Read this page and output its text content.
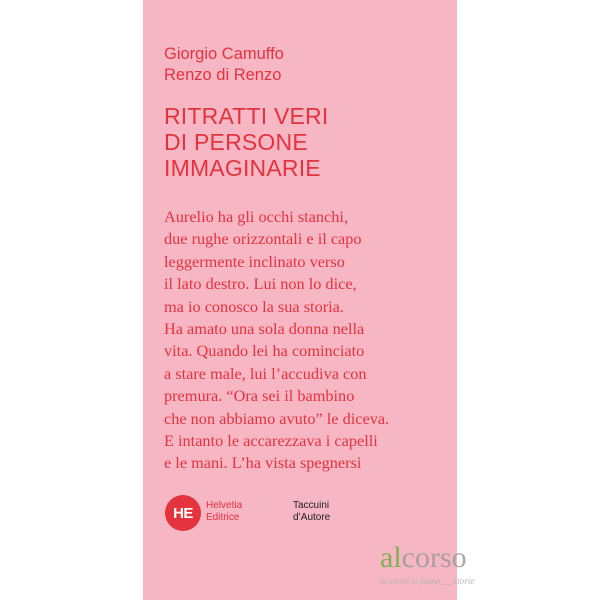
Giorgio Camuffo
Renzo di Renzo
RITRATTI VERI
DI PERSONE
IMMAGINARIE
Aurelio ha gli occhi stanchi,
due rughe orizzontali e il capo
leggermente inclinato verso
il lato destro. Lui non lo dice,
ma io conosco la sua storia.
Ha amato una sola donna nella
vita. Quando lei ha cominciato
a stare male, lui l’accudiva con
premura. “Ora sei il bambino
che non abbiamo avuto” le diceva.
E intanto le accarezzava i capelli
e le mani. L’ha vista spegnersi
HE Helvetia
Editrice
Taccuini
d’Autore
alcorso
le storie si fanno___storie
